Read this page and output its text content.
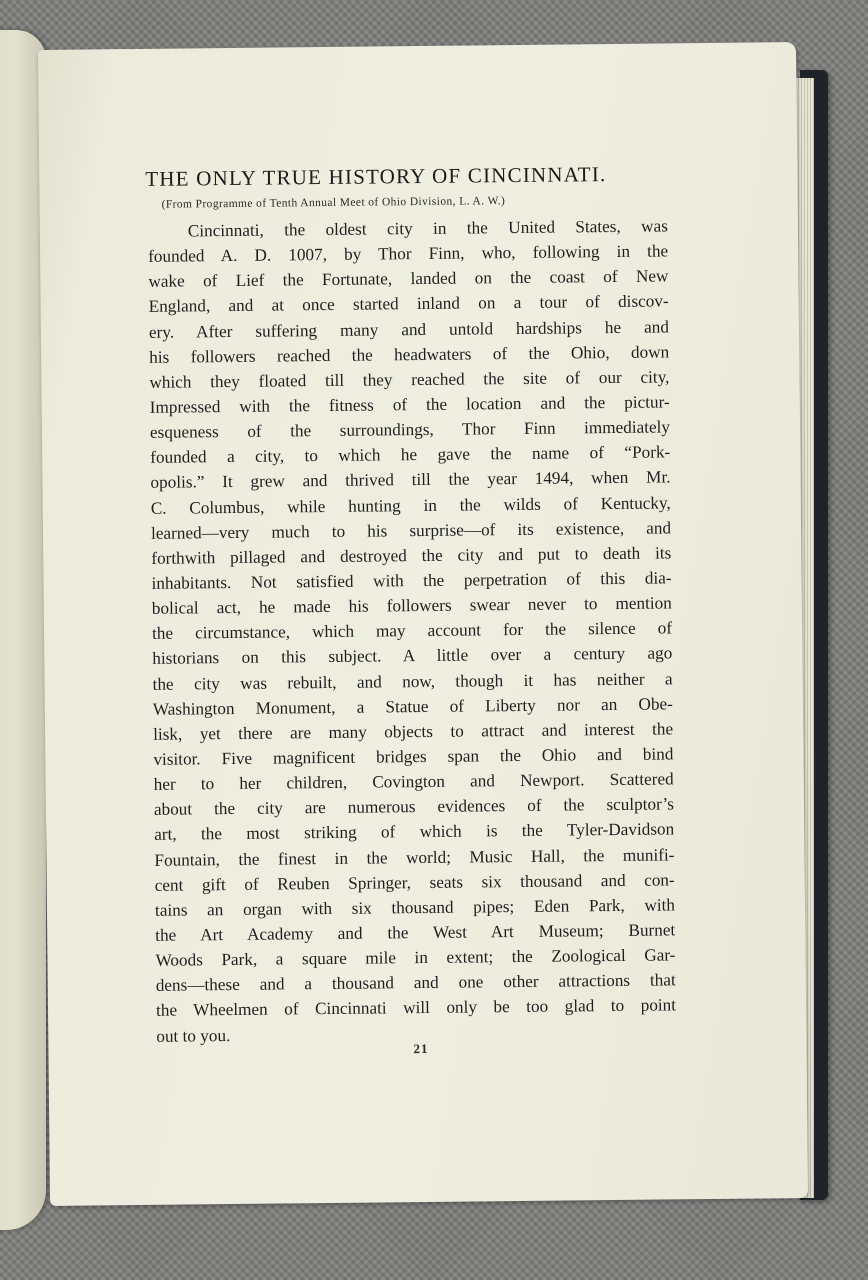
THE ONLY TRUE HISTORY OF CINCINNATI.
(From Programme of Tenth Annual Meet of Ohio Division, L. A. W.)
Cincinnati, the oldest city in the United States, was
founded A. D. 1007, by Thor Finn, who, following in the
wake of Lief the Fortunate, landed on the coast of New
England, and at once started inland on a tour of discov-
ery. After suffering many and untold hardships he and
his followers reached the headwaters of the Ohio, down
which they floated till they reached the site of our city,
Impressed with the fitness of the location and the pictur-
esqueness of the surroundings, Thor Finn immediately
founded a city, to which he gave the name of “Pork-
opolis.” It grew and thrived till the year 1494, when Mr.
C. Columbus, while hunting in the wilds of Kentucky,
learned—very much to his surprise—of its existence, and
forthwith pillaged and destroyed the city and put to death its
inhabitants. Not satisfied with the perpetration of this dia-
bolical act, he made his followers swear never to mention
the circumstance, which may account for the silence of
historians on this subject. A little over a century ago
the city was rebuilt, and now, though it has neither a
Washington Monument, a Statue of Liberty nor an Obe-
lisk, yet there are many objects to attract and interest the
visitor. Five magnificent bridges span the Ohio and bind
her to her children, Covington and Newport. Scattered
about the city are numerous evidences of the sculptor’s
art, the most striking of which is the Tyler-Davidson
Fountain, the finest in the world; Music Hall, the munifi-
cent gift of Reuben Springer, seats six thousand and con-
tains an organ with six thousand pipes; Eden Park, with
the Art Academy and the West Art Museum; Burnet
Woods Park, a square mile in extent; the Zoological Gar-
dens—these and a thousand and one other attractions that
the Wheelmen of Cincinnati will only be too glad to point
out to you.
21
